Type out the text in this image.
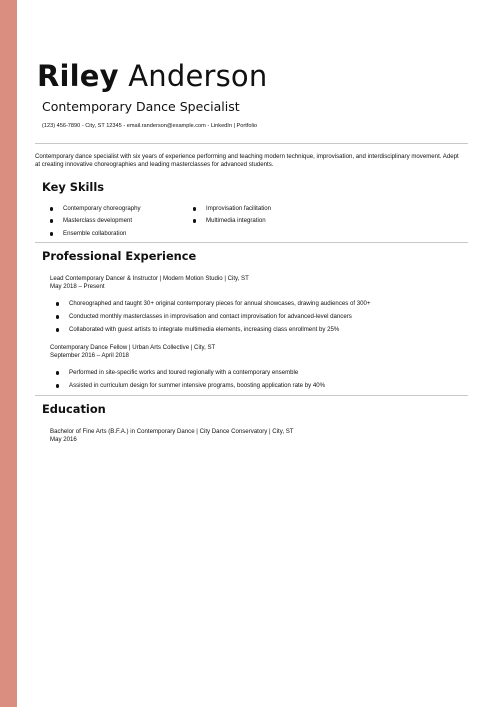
Riley Anderson
Contemporary Dance Specialist
(123) 456-7890 - City, ST 12345 - email.randerson@example.com - LinkedIn | Portfolio

Contemporary dance specialist with six years of experience performing and teaching modern technique, improvisation, and interdisciplinary movement. Adept at creating innovative choreographies and leading masterclasses for advanced students.

Key Skills
Contemporary choreography
Masterclass development
Ensemble collaboration
Improvisation facilitation
Multimedia integration
Professional Experience
Lead Contemporary Dancer & Instructor | Modern Motion Studio | City, ST
May 2018 – Present
Choreographed and taught 30+ original contemporary pieces for annual showcases, drawing audiences of 300+
Conducted monthly masterclasses in improvisation and contact improvisation for advanced-level dancers
Collaborated with guest artists to integrate multimedia elements, increasing class enrollment by 25%
Contemporary Dance Fellow | Urban Arts Collective | City, ST
September 2016 – April 2018
Performed in site-specific works and toured regionally with a contemporary ensemble
Assisted in curriculum design for summer intensive programs, boosting application rate by 40%
Education
Bachelor of Fine Arts (B.F.A.) in Contemporary Dance | City Dance Conservatory | City, ST
May 2016
